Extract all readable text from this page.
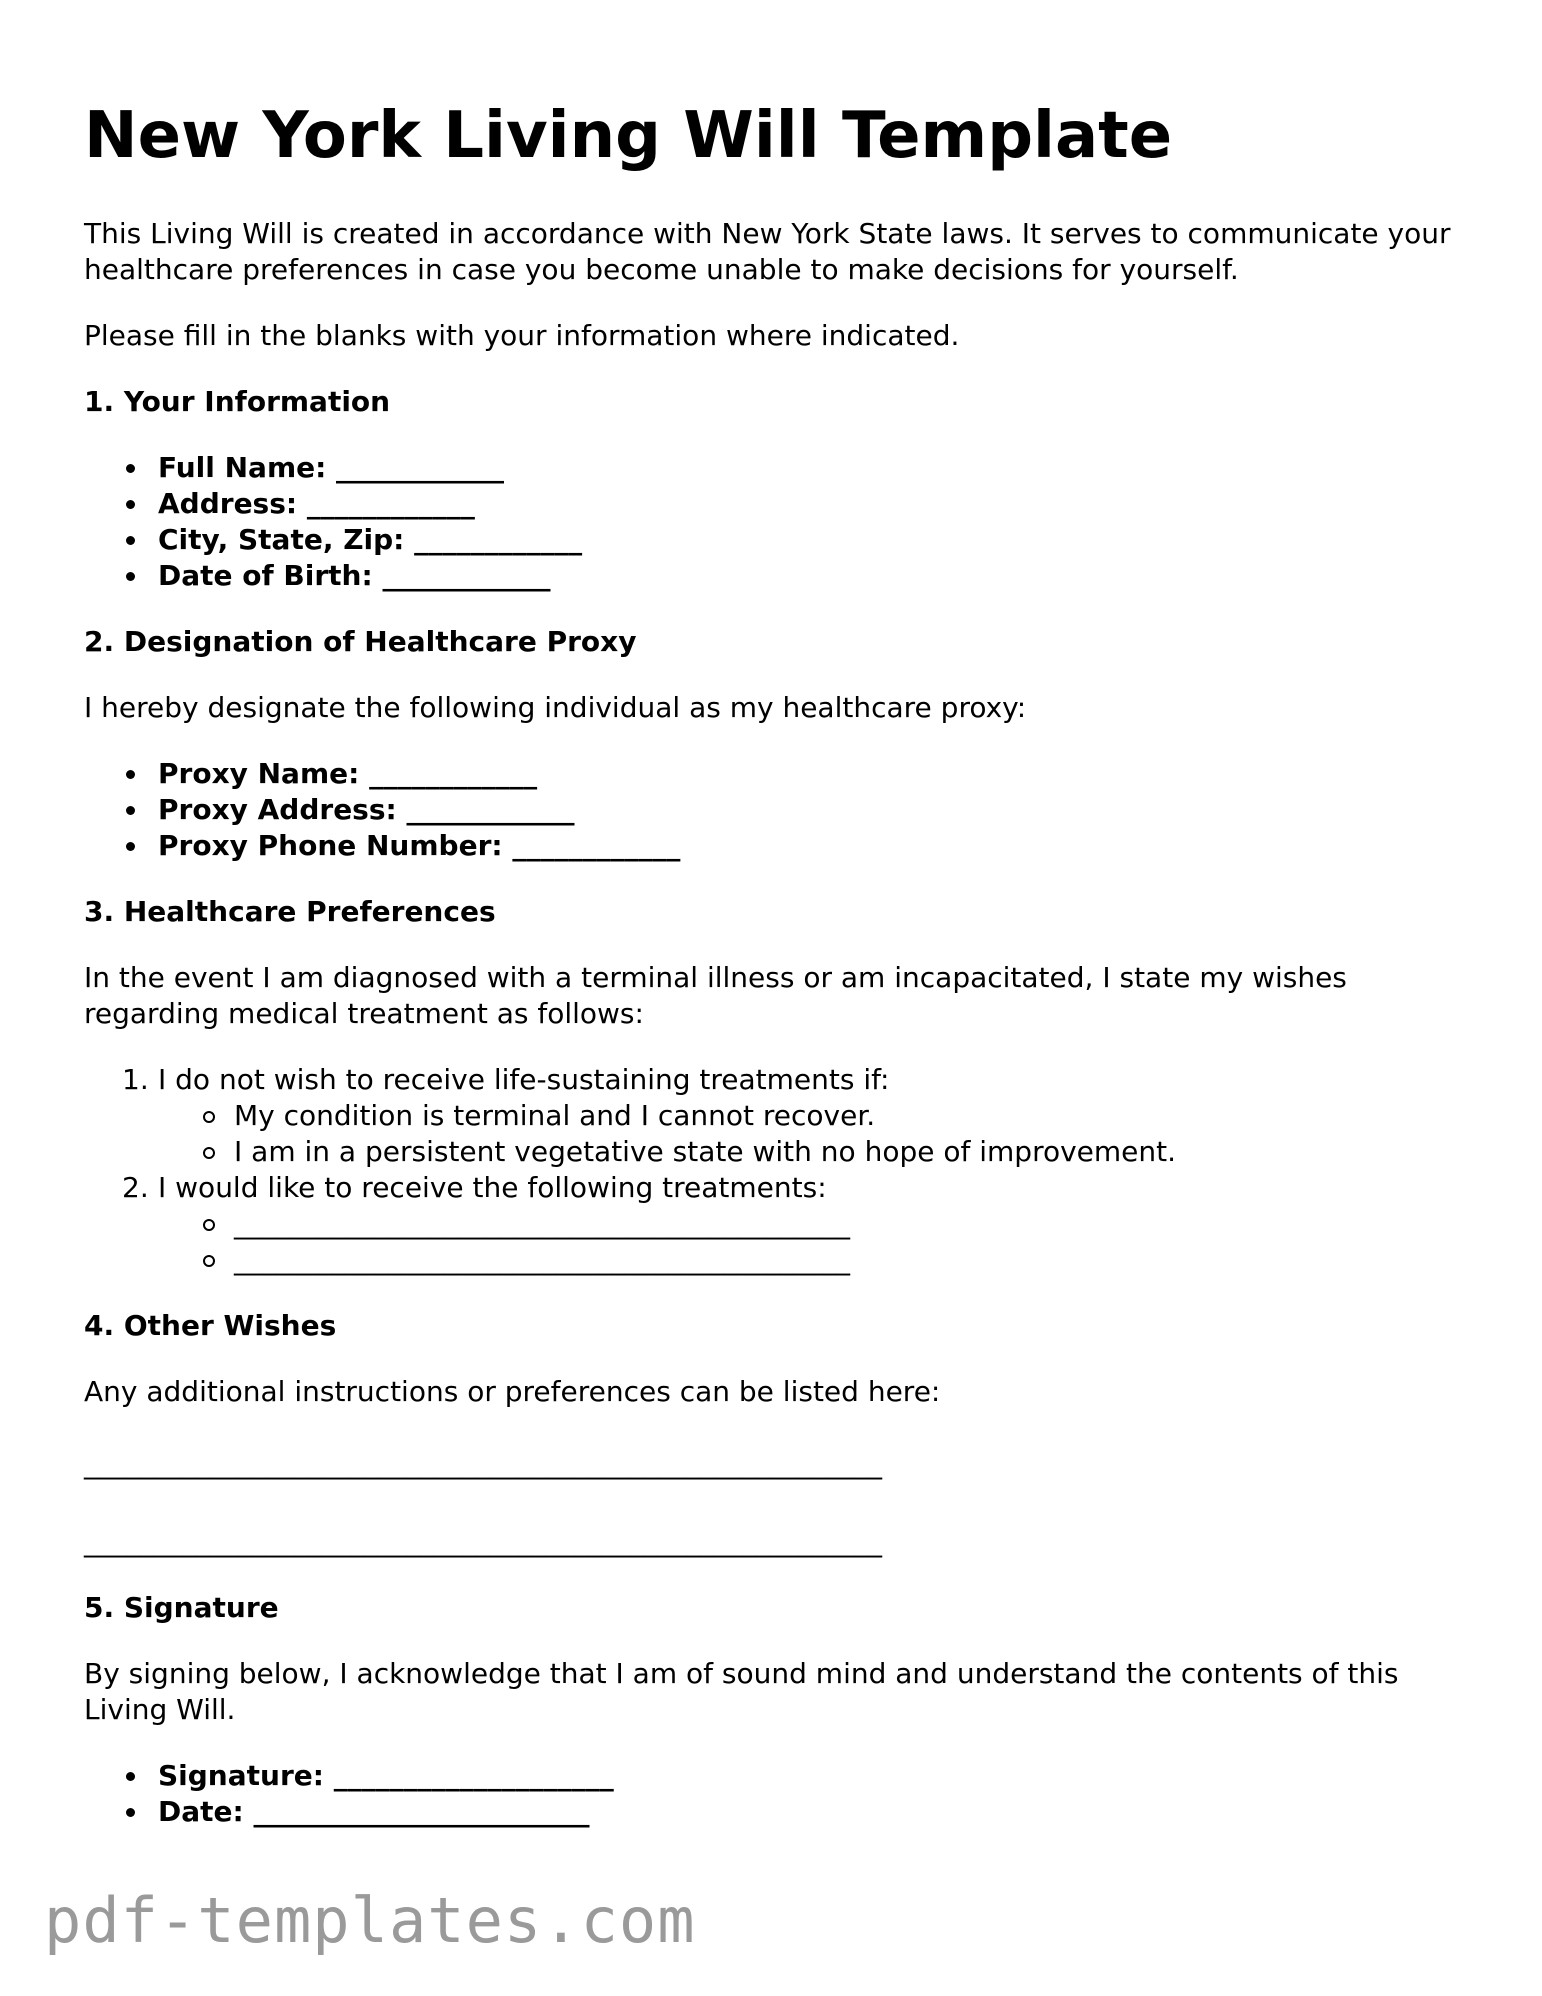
New York Living Will Template

This Living Will is created in accordance with New York State laws. It serves to communicate your healthcare preferences in case you become unable to make decisions for yourself.

Please fill in the blanks with your information where indicated.

1. Your Information
Full Name: ____________
Address: ____________
City, State, Zip: ____________
Date of Birth: ____________
2. Designation of Healthcare Proxy

I hereby designate the following individual as my healthcare proxy:

Proxy Name: ____________
Proxy Address: ____________
Proxy Phone Number: ____________
3. Healthcare Preferences

In the event I am diagnosed with a terminal illness or am incapacitated, I state my wishes regarding medical treatment as follows:

1. I do not wish to receive life-sustaining treatments if:
My condition is terminal and I cannot recover.
I am in a persistent vegetative state with no hope of improvement.
2. I would like to receive the following treatments:
____________________________________________
____________________________________________
4. Other Wishes

Any additional instructions or preferences can be listed here:

_________________________________________________________
_________________________________________________________
5. Signature

By signing below, I acknowledge that I am of sound mind and understand the contents of this Living Will.

Signature: ____________________
Date: ________________________
pdf-templates.com
